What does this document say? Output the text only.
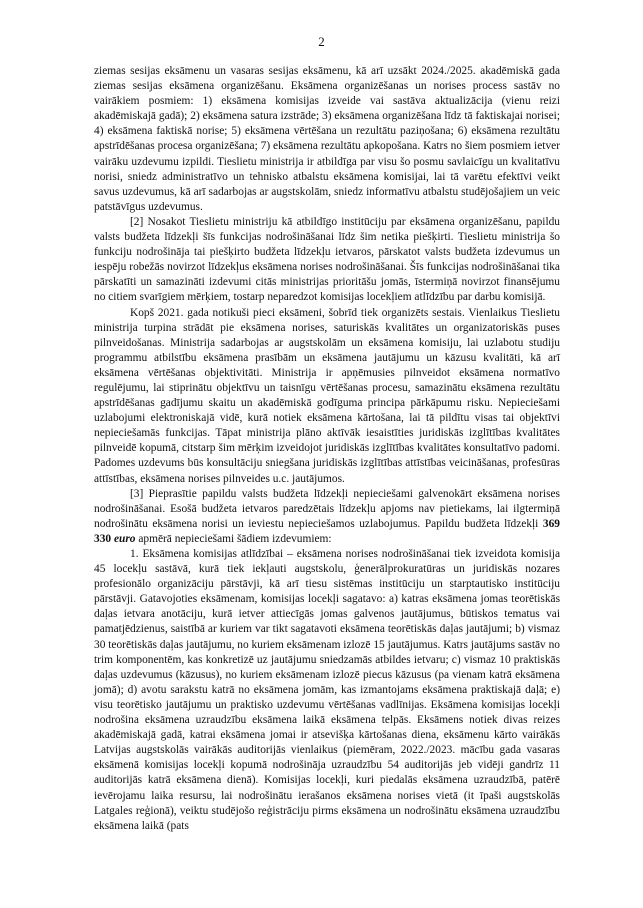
2

ziemas sesijas eksāmenu un vasaras sesijas eksāmenu, kā arī uzsākt 2024./2025. akadēmiskā gada ziemas sesijas eksāmena organizēšanu. Eksāmena organizēšanas un norises process sastāv no vairākiem posmiem: 1) eksāmena komisijas izveide vai sastāva aktualizācija (vienu reizi akadēmiskajā gadā); 2) eksāmena satura izstrāde; 3) eksāmena organizēšana līdz tā faktiskajai norisei; 4) eksāmena faktiskā norise; 5) eksāmena vērtēšana un rezultātu paziņošana; 6) eksāmena rezultātu apstrīdēšanas procesa organizēšana; 7) eksāmena rezultātu apkopošana. Katrs no šiem posmiem ietver vairāku uzdevumu izpildi. Tieslietu ministrija ir atbildīga par visu šo posmu savlaicīgu un kvalitatīvu norisi, sniedz administratīvo un tehnisko atbalstu eksāmena komisijai, lai tā varētu efektīvi veikt savus uzdevumus, kā arī sadarbojas ar augstskolām, sniedz informatīvu atbalstu studējošajiem un veic patstāvīgus uzdevumus.

[2] Nosakot Tieslietu ministriju kā atbildīgo institūciju par eksāmena organizēšanu, papildu valsts budžeta līdzekļi šīs funkcijas nodrošināšanai līdz šim netika piešķirti. Tieslietu ministrija šo funkciju nodrošināja tai piešķirto budžeta līdzekļu ietvaros, pārskatot valsts budžeta izdevumus un iespēju robežās novirzot līdzekļus eksāmena norises nodrošināšanai. Šīs funkcijas nodrošināšanai tika pārskatīti un samazināti izdevumi citās ministrijas prioritāšu jomās, īstermiņā novirzot finansējumu no citiem svarīgiem mērķiem, tostarp neparedzot komisijas locekļiem atlīdzību par darbu komisijā.

Kopš 2021. gada notikuši pieci eksāmeni, šobrīd tiek organizēts sestais. Vienlaikus Tieslietu ministrija turpina strādāt pie eksāmena norises, saturiskās kvalitātes un organizatoriskās puses pilnveidošanas. Ministrija sadarbojas ar augstskolām un eksāmena komisiju, lai uzlabotu studiju programmu atbilstību eksāmena prasībām un eksāmena jautājumu un kāzusu kvalitāti, kā arī eksāmena vērtēšanas objektivitāti. Ministrija ir apņēmusies pilnveidot eksāmena normatīvo regulējumu, lai stiprinātu objektīvu un taisnīgu vērtēšanas procesu, samazinātu eksāmena rezultātu apstrīdēšanas gadījumu skaitu un akadēmiskā godīguma principa pārkāpumu risku. Nepieciešami uzlabojumi elektroniskajā vidē, kurā notiek eksāmena kārtošana, lai tā pildītu visas tai objektīvi nepieciešamās funkcijas. Tāpat ministrija plāno aktīvāk iesaistīties juridiskās izglītības kvalitātes pilnveidē kopumā, citstarp šim mērķim izveidojot juridiskās izglītības kvalitātes konsultatīvo padomi. Padomes uzdevums būs konsultāciju sniegšana juridiskās izglītības attīstības veicināšanas, profesūras attīstības, eksāmena norises pilnveides u.c. jautājumos.

[3] Pieprasītie papildu valsts budžeta līdzekļi nepieciešami galvenokārt eksāmena norises nodrošināšanai. Esošā budžeta ietvaros paredzētais līdzekļu apjoms nav pietiekams, lai ilgtermiņā nodrošinātu eksāmena norisi un ieviestu nepieciešamos uzlabojumus. Papildu budžeta līdzekļi 369 330 euro apmērā nepieciešami šādiem izdevumiem:

1. Eksāmena komisijas atlīdzībai – eksāmena norises nodrošināšanai tiek izveidota komisija 45 locekļu sastāvā, kurā tiek iekļauti augstskolu, ģenerālprokuratūras un juridiskās nozares profesionālo organizāciju pārstāvji, kā arī tiesu sistēmas institūciju un starptautisko institūciju pārstāvji. Gatavojoties eksāmenam, komisijas locekļi sagatavo: a) katras eksāmena jomas teorētiskās daļas ietvara anotāciju, kurā ietver attiecīgās jomas galvenos jautājumus, būtiskos tematus vai pamatjēdzienus, saistībā ar kuriem var tikt sagatavoti eksāmena teorētiskās daļas jautājumi; b) vismaz 30 teorētiskās daļas jautājumu, no kuriem eksāmenam izlozē 15 jautājumus. Katrs jautājums sastāv no trim komponentēm, kas konkretizē uz jautājumu sniedzamās atbildes ietvaru; c) vismaz 10 praktiskās daļas uzdevumus (kāzusus), no kuriem eksāmenam izlozē piecus kāzusus (pa vienam katrā eksāmena jomā); d) avotu sarakstu katrā no eksāmena jomām, kas izmantojams eksāmena praktiskajā daļā; e) visu teorētisko jautājumu un praktisko uzdevumu vērtēšanas vadlīnijas. Eksāmena komisijas locekļi nodrošina eksāmena uzraudzību eksāmena laikā eksāmena telpās. Eksāmens notiek divas reizes akadēmiskajā gadā, katrai eksāmena jomai ir atsevišķa kārtošanas diena, eksāmenu kārto vairākās Latvijas augstskolās vairākās auditorijās vienlaikus (piemēram, 2022./2023. mācību gada vasaras eksāmenā komisijas locekļi kopumā nodrošināja uzraudzību 54 auditorijās jeb vidēji gandrīz 11 auditorijās katrā eksāmena dienā). Komisijas locekļi, kuri piedalās eksāmena uzraudzībā, patērē ievērojamu laika resursu, lai nodrošinātu ierašanos eksāmena norises vietā (it īpaši augstskolās Latgales reģionā), veiktu studējošo reģistrāciju pirms eksāmena un nodrošinātu eksāmena uzraudzību eksāmena laikā (pats
